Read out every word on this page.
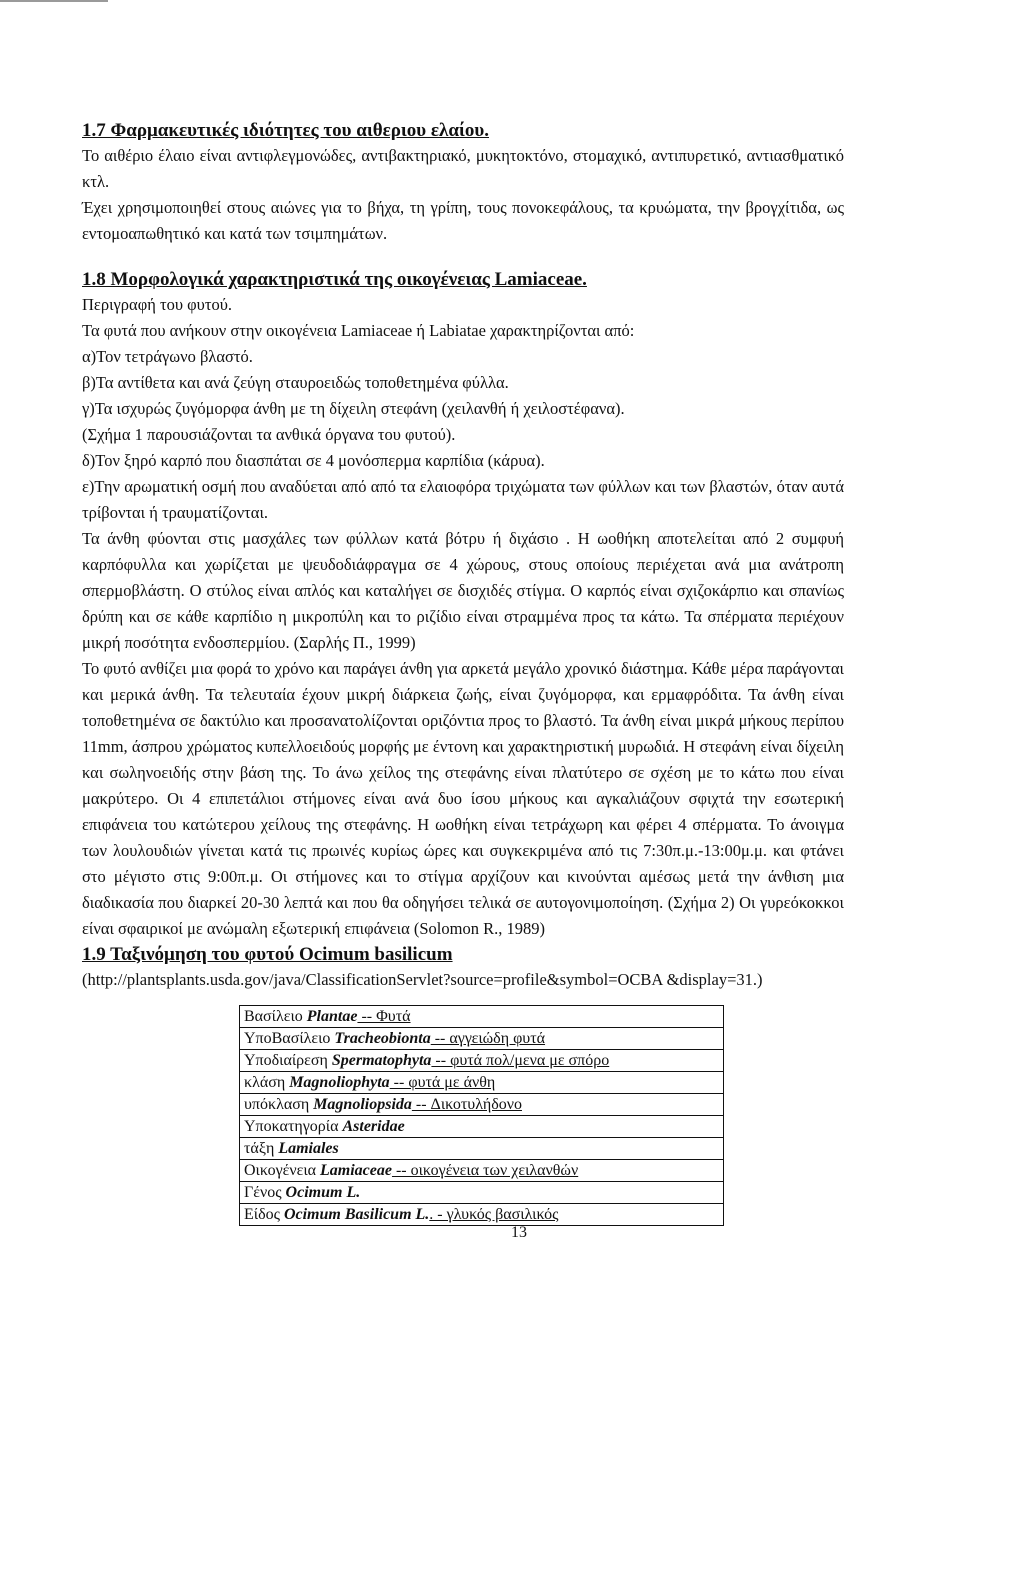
1.7 Φαρμακευτικές ιδιότητες του αιθεριου ελαίου.

Το αιθέριο έλαιο είναι αντιφλεγμονώδες, αντιβακτηριακό, μυκητοκτόνο, στομαχικό, αντιπυρετικό, αντιασθματικό κτλ.

Έχει χρησιμοποιηθεί στους αιώνες για το βήχα, τη γρίπη, τους πονοκεφάλους, τα κρυώματα, την βρογχίτιδα, ως εντομοαπωθητικό και κατά των τσιμπημάτων.

1.8 Μορφολογικά χαρακτηριστικά της οικογένειας Lamiaceae.

Περιγραφή του φυτού.

Τα φυτά που ανήκουν στην οικογένεια Lamiaceae ή Labiatae χαρακτηρίζονται από:

α)Τον τετράγωνο βλαστό.

β)Τα αντίθετα και ανά ζεύγη σταυροειδώς τοποθετημένα φύλλα.

γ)Τα ισχυρώς ζυγόμορφα άνθη με τη δίχειλη στεφάνη (χειλανθή ή χειλοστέφανα).

(Σχήμα 1 παρουσιάζονται τα ανθικά όργανα του φυτού).

δ)Τον ξηρό καρπό που διασπάται σε 4 μονόσπερμα καρπίδια (κάρυα).

ε)Την αρωματική οσμή που αναδύεται από από τα ελαιοφόρα τριχώματα των φύλλων και των βλαστών, όταν αυτά τρίβονται ή τραυματίζονται.

Τα άνθη φύονται στις μασχάλες των φύλλων κατά βότρυ ή διχάσιο . Η ωοθήκη αποτελείται από 2 συμφυή καρπόφυλλα και χωρίζεται με ψευδοδιάφραγμα σε 4 χώρους, στους οποίους περιέχεται ανά μια ανάτροπη σπερμοβλάστη. Ο στύλος είναι απλός και καταλήγει σε δισχιδές στίγμα. Ο καρπός είναι σχιζοκάρπιο και σπανίως δρύπη και σε κάθε καρπίδιο η μικροπύλη και το ριζίδιο είναι στραμμένα προς τα κάτω. Τα σπέρματα περιέχουν μικρή ποσότητα ενδοσπερμίου. (Σαρλής Π., 1999)

Το φυτό ανθίζει μια φορά το χρόνο και παράγει άνθη για αρκετά μεγάλο χρονικό διάστημα. Κάθε μέρα παράγονται και μερικά άνθη. Τα τελευταία έχουν μικρή διάρκεια ζωής, είναι ζυγόμορφα, και ερμαφρόδιτα. Τα άνθη είναι τοποθετημένα σε δακτύλιο και προσανατολίζονται οριζόντια προς το βλαστό. Τα άνθη είναι μικρά μήκους περίπου 11mm, άσπρου χρώματος κυπελλοειδούς μορφής με έντονη και χαρακτηριστική μυρωδιά. Η στεφάνη είναι δίχειλη και σωληνοειδής στην βάση της. Το άνω χείλος της στεφάνης είναι πλατύτερο σε σχέση με το κάτω που είναι μακρύτερο. Οι 4 επιπετάλιοι στήμονες είναι ανά δυο ίσου μήκους και αγκαλιάζουν σφιχτά την εσωτερική επιφάνεια του κατώτερου χείλους της στεφάνης. Η ωοθήκη είναι τετράχωρη και φέρει 4 σπέρματα. Το άνοιγμα των λουλουδιών γίνεται κατά τις πρωινές κυρίως ώρες και συγκεκριμένα από τις 7:30π.μ.-13:00μ.μ. και φτάνει στο μέγιστο στις 9:00π.μ. Οι στήμονες και το στίγμα αρχίζουν και κινούνται αμέσως μετά την άνθιση μια διαδικασία που διαρκεί 20-30 λεπτά και που θα οδηγήσει τελικά σε αυτογονιμοποίηση. (Σχήμα 2) Οι γυρεόκοκκοι είναι σφαιρικοί με ανώμαλη εξωτερική επιφάνεια (Solomon R., 1989)

1.9 Ταξινόμηση του φυτού Ocimum basilicum

(http://plantsplants.usda.gov/java/ClassificationServlet?source=profile&symbol=OCBA &display=31.)

Βασίλειο Plantae -- Φυτά
ΥποΒασίλειο Tracheobionta -- αγγειώδη φυτά
Υποδιαίρεση Spermatophyta -- φυτά πολ/μενα με σπόρο
κλάση Magnoliophyta -- φυτά με άνθη
υπόκλαση Magnoliopsida -- Δικοτυλήδονο
Υποκατηγορία Asteridae
τάξη Lamiales
Οικογένεια Lamiaceae -- οικογένεια των χειλανθών
Γένος Ocimum L.
Είδος Ocimum Basilicum L.. - γλυκός βασιλικός
13
